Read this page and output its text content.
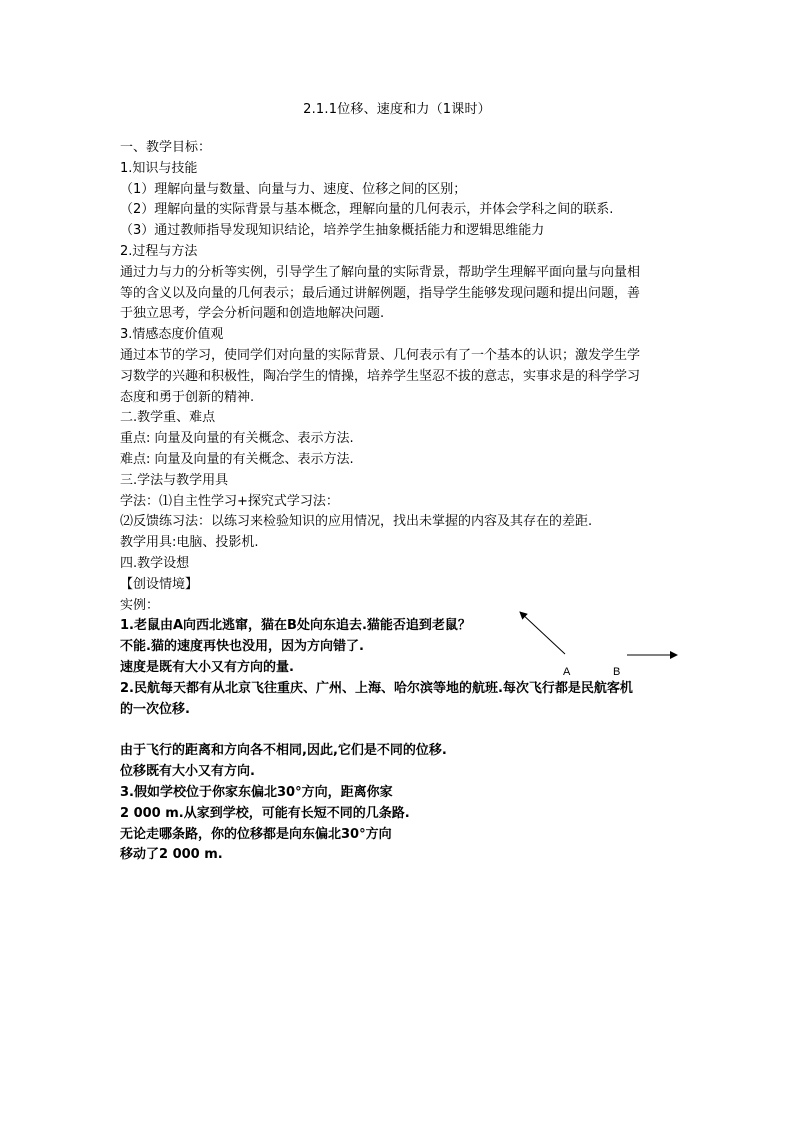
2.1.1位移、速度和力（1课时）
一、教学目标：
1.知识与技能
（1）理解向量与数量、向量与力、速度、位移之间的区别；
（2）理解向量的实际背景与基本概念，理解向量的几何表示，并体会学科之间的联系.
（3）通过教师指导发现知识结论，培养学生抽象概括能力和逻辑思维能力
2.过程与方法
通过力与力的分析等实例，引导学生了解向量的实际背景，帮助学生理解平面向量与向量相
等的含义以及向量的几何表示；最后通过讲解例题，指导学生能够发现问题和提出问题，善
于独立思考，学会分析问题和创造地解决问题.
3.情感态度价值观
通过本节的学习，使同学们对向量的实际背景、几何表示有了一个基本的认识；激发学生学
习数学的兴趣和积极性，陶冶学生的情操，培养学生坚忍不拔的意志，实事求是的科学学习
态度和勇于创新的精神.
二.教学重、难点
重点: 向量及向量的有关概念、表示方法.
难点: 向量及向量的有关概念、表示方法.
三.学法与教学用具
学法：⑴自主性学习+探究式学习法：
⑵反馈练习法：以练习来检验知识的应用情况，找出未掌握的内容及其存在的差距.
教学用具:电脑、投影机.
四.教学设想
【创设情境】
实例：
1.老鼠由A向西北逃窜，猫在B处向东追去.猫能否追到老鼠？
不能.猫的速度再快也没用，因为方向错了.
速度是既有大小又有方向的量.
2.民航每天都有从北京飞往重庆、广州、上海、哈尔滨等地的航班.每次飞行都是民航客机
的一次位移.
由于飞行的距离和方向各不相同,因此,它们是不同的位移.
位移既有大小又有方向.
3.假如学校位于你家东偏北30°方向，距离你家
2 000 m.从家到学校，可能有长短不同的几条路.
无论走哪条路，你的位移都是向东偏北30°方向
移动了2 000 m.
A	B
